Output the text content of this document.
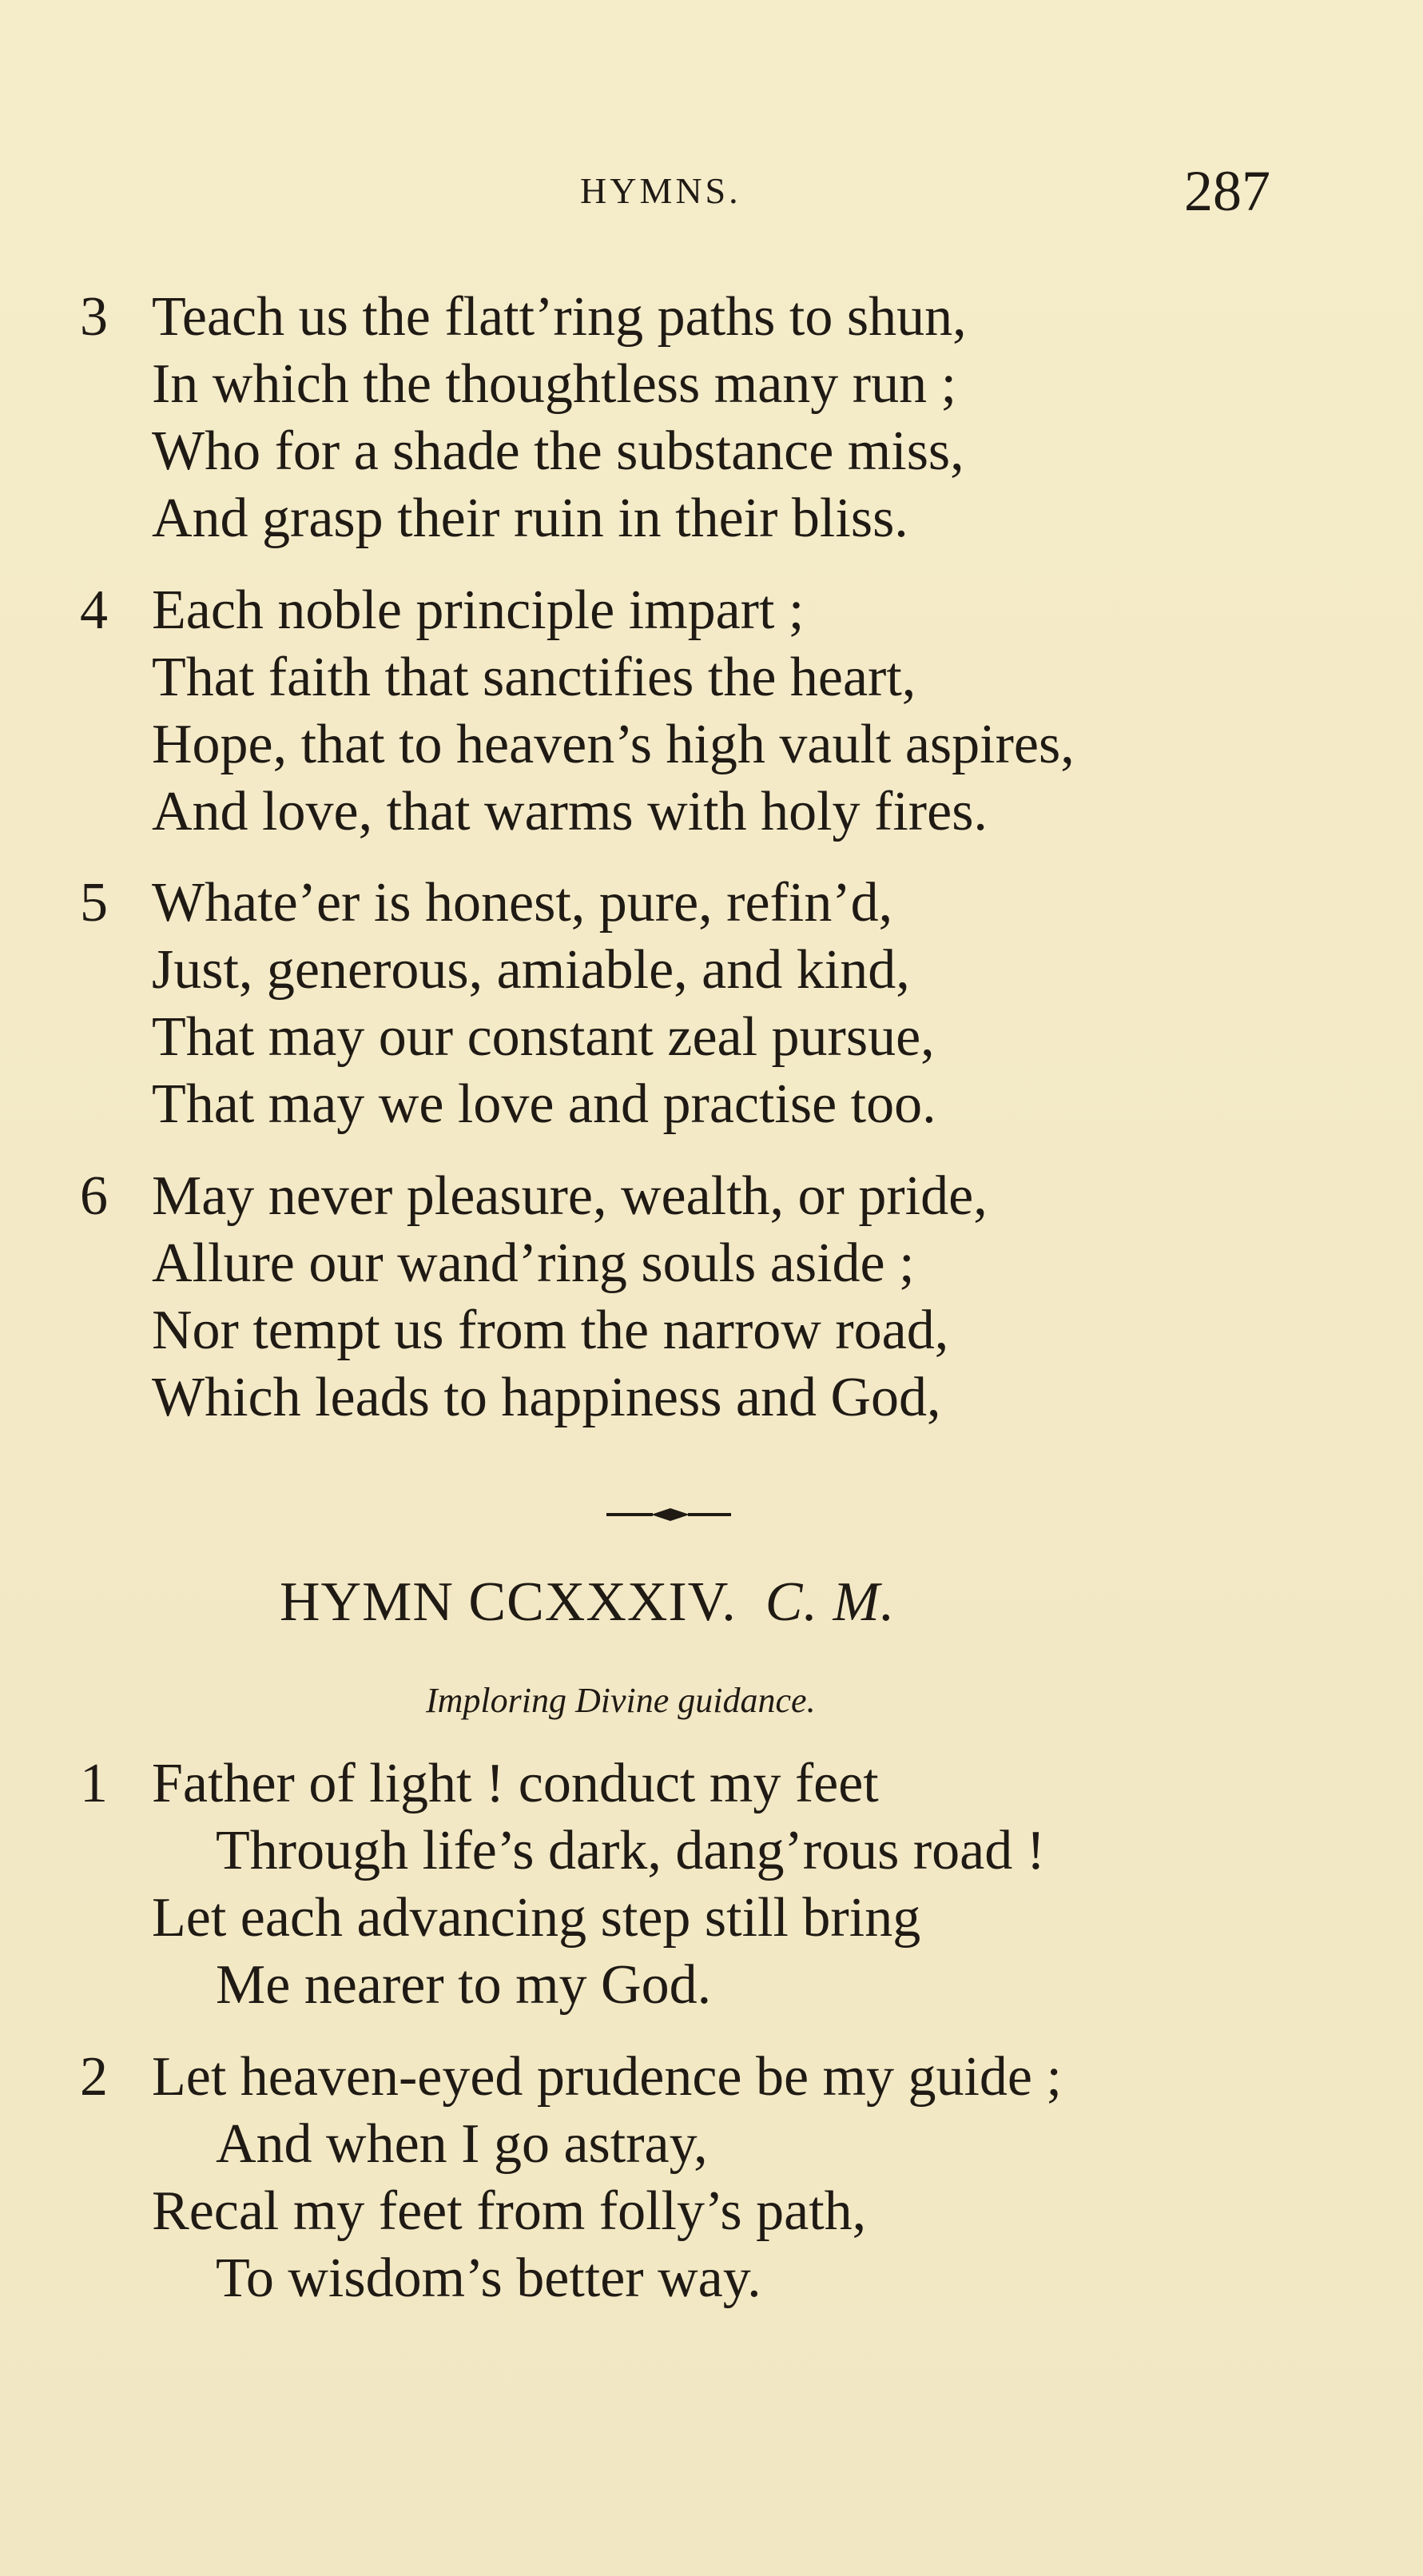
HYMNS.	287
3 Teach us the flatt’ring paths to shun,
In which the thoughtless many run ;
Who for a shade the substance miss,
And grasp their ruin in their bliss.
4 Each noble principle impart ;
That faith that sanctifies the heart,
Hope, that to heaven’s high vault aspires,
And love, that warms with holy fires.
5 Whate’er is honest, pure, refin’d,
Just, generous, amiable, and kind,
That may our constant zeal pursue,
That may we love and practise too.
6 May never pleasure, wealth, or pride,
Allure our wand’ring souls aside ;
Nor tempt us from the narrow road,
Which leads to happiness and God,
HYMN CCXXXIV. C. M.
Imploring Divine guidance.
1 Father of light ! conduct my feet
Through life’s dark, dang’rous road !
Let each advancing step still bring
Me nearer to my God.
2 Let heaven-eyed prudence be my guide ;
And when I go astray,
Recal my feet from folly’s path,
To wisdom’s better way.
